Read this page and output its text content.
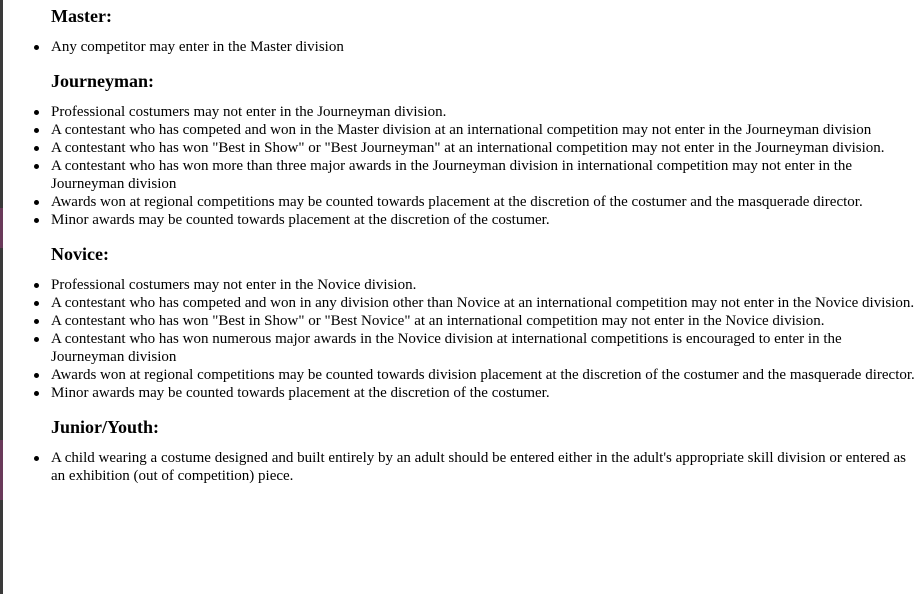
Master:
Any competitor may enter in the Master division
Journeyman:
Professional costumers may not enter in the Journeyman division.
A contestant who has competed and won in the Master division at an international competition may not enter in the Journeyman division
A contestant who has won "Best in Show" or "Best Journeyman" at an international competition may not enter in the Journeyman division.
A contestant who has won more than three major awards in the Journeyman division in international competition may not enter in the Journeyman division
Awards won at regional competitions may be counted towards placement at the discretion of the costumer and the masquerade director.
Minor awards may be counted towards placement at the discretion of the costumer.
Novice:
Professional costumers may not enter in the Novice division.
A contestant who has competed and won in any division other than Novice at an international competition may not enter in the Novice division.
A contestant who has won "Best in Show" or "Best Novice" at an international competition may not enter in the Novice division.
A contestant who has won numerous major awards in the Novice division at international competitions is encouraged to enter in the Journeyman division
Awards won at regional competitions may be counted towards division placement at the discretion of the costumer and the masquerade director.
Minor awards may be counted towards placement at the discretion of the costumer.
Junior/Youth:
A child wearing a costume designed and built entirely by an adult should be entered either in the adult's appropriate skill division or entered as an exhibition (out of competition) piece.
